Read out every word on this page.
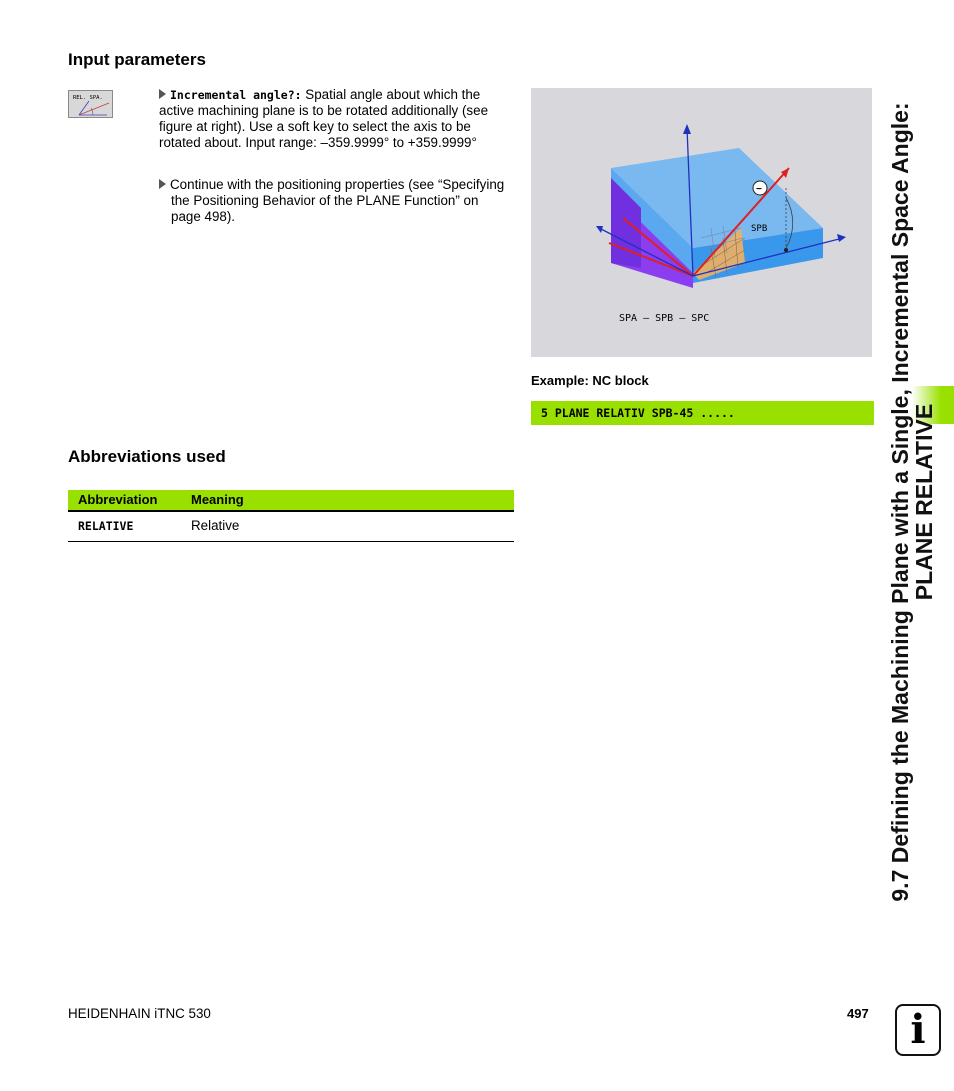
Input parameters
REL. SPA.	Incremental angle?: Spatial angle about which the active machining plane is to be rotated additionally (see figure at right). Use a soft key to select the axis to be rotated about. Input range: –359.9999° to +359.9999°
Continue with the positioning properties (see “Specifying the Positioning Behavior of the PLANE Function” on page 498).
−
SPB
SPA – SPB – SPC
Example: NC block
5 PLANE RELATIV SPB-45 .....
Abbreviations used
Abbreviation	Meaning
RELATIVE	Relative	9.7 Defining the Machining Plane with a Single, Incremental Space Angle:
PLANE RELATIVE
HEIDENHAIN iTNC 530	497	i
